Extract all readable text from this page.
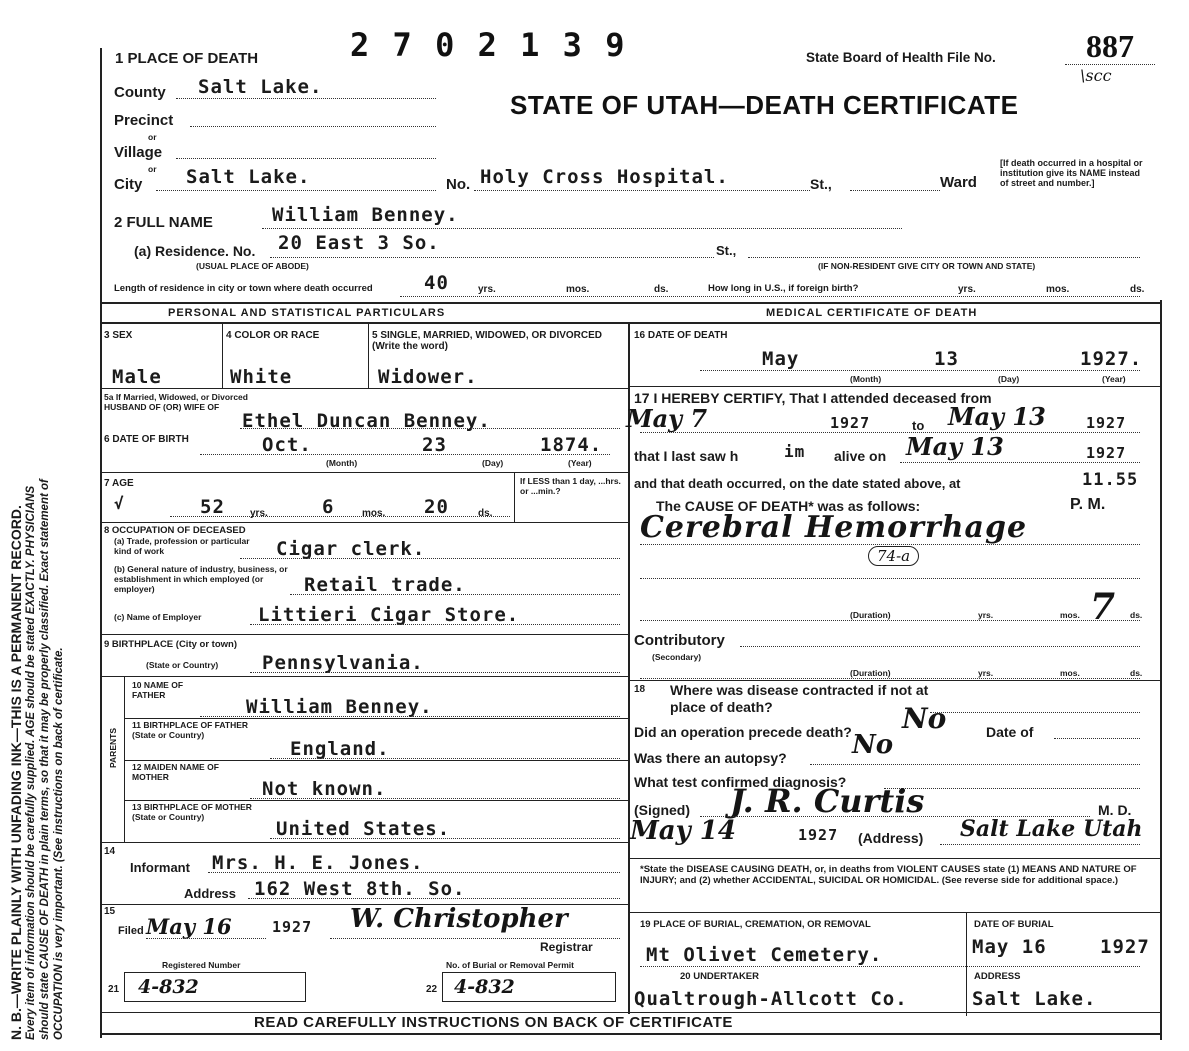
N. B.—WRITE PLAINLY WITH UNFADING INK—THIS IS A PERMANENT RECORD. Every item of information should be carefully supplied. AGE should be stated EXACTLY. PHYSICIANS should state CAUSE OF DEATH in plain terms, so that it may be properly classified. Exact statement of OCCUPATION is very important. (See instructions on back of certificate.
1 PLACE OF DEATH	2 7 0 2 1 3 9	State Board of Health File No.	887
\scc
STATE OF UTAH—DEATH CERTIFICATE
County Salt Lake.
Precinct
or
Village
or
City Salt Lake.	No. Holy Cross Hospital.	St.,	Ward
[If death occurred in a hospital or institution give its NAME instead of street and number.]
2 FULL NAME	William Benney.
(a) Residence. No. 20 East 3 So.	St.,
(USUAL PLACE OF ABODE)	(IF NON-RESIDENT GIVE CITY OR TOWN AND STATE)
Length of residence in city or town where death occurred	40	yrs.	mos.	ds.	How long in U.S., if foreign birth?	yrs.	mos.	ds.
PERSONAL AND STATISTICAL PARTICULARS	MEDICAL CERTIFICATE OF DEATH
3 SEX	4 COLOR OR RACE	5 SINGLE, MARRIED, WIDOWED, OR DIVORCED (Write the word)
Male	White	Widower.
5a If Married, Widowed, or Divorced HUSBAND OF (OR) WIFE OF
Ethel Duncan Benney.
6 DATE OF BIRTH	Oct.	23	1874.
(Month)	(Day)	(Year)
7 AGE
√	52	yrs.	6	mos. 20	ds.
If LESS than 1 day, ...hrs. or ...min.?
8 OCCUPATION OF DECEASED
(a) Trade, profession or particular kind of work	Cigar clerk.
(b) General nature of industry, business, or establishment in which employed (or employer)	Retail trade.
(c) Name of Employer	Littieri Cigar Store.
9 BIRTHPLACE (City or town)
(State or Country) Pennsylvania.
PARENTS
10 NAME OF FATHER
William Benney.
11 BIRTHPLACE OF FATHER (State or Country)
England.
12 MAIDEN NAME OF MOTHER
Not known.
13 BIRTHPLACE OF MOTHER (State or Country)
United States.
14
Informant Mrs. H. E. Jones.
Address 162 West 8th. So.
15
Filed May 16	1927 W. Christopher
Registrar
Registered Number	No. of Burial or Removal Permit
21 4-832	22 4-832
16 DATE OF DEATH
May	13	1927.
(Month)	(Day)	(Year)
17 I HEREBY CERTIFY, That I attended deceased from
May 7	1927	to May 13	1927
that I last saw h	im alive on May 13	1927
and that death occurred, on the date stated above, at	11.55
The CAUSE OF DEATH* was as follows:	P. M.
Cerebral Hemorrhage
74-a
(Duration)	yrs.	mos. 7 ds.
Contributory
(Secondary)
(Duration)	yrs.	mos.	ds.
18 Where was disease contracted if not at place of death?
Did an operation precede death? No	Date of
Was there an autopsy?	No
What test confirmed diagnosis?
(Signed) J. R. Curtis	M. D.
May 14	1927 (Address) Salt Lake Utah
*State the DISEASE CAUSING DEATH, or, in deaths from VIOLENT CAUSES state (1) MEANS AND NATURE OF INJURY; and (2) whether ACCIDENTAL, SUICIDAL OR HOMICIDAL. (See reverse side for additional space.)
19 PLACE OF BURIAL, CREMATION, OR REMOVAL
Mt Olivet Cemetery.
DATE OF BURIAL
May 16	1927
20 UNDERTAKER
Qualtrough-Allcott Co.
ADDRESS
Salt Lake.
READ CAREFULLY INSTRUCTIONS ON BACK OF CERTIFICATE
